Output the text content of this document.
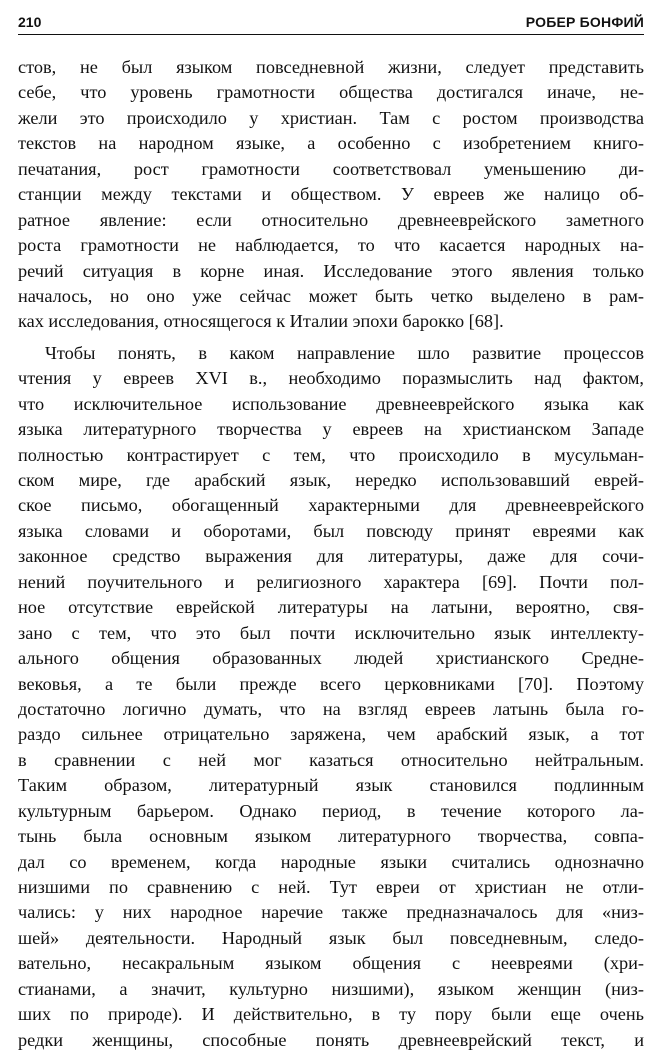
210	РОБЕР БОНФИЙ
стов, не был языком повседневной жизни, следует представить
себе, что уровень грамотности общества достигался иначе, не-
жели это происходило у христиан. Там с ростом производства
текстов на народном языке, а особенно с изобретением книго-
печатания, рост грамотности соответствовал уменьшению ди-
станции между текстами и обществом. У евреев же налицо об-
ратное явление: если относительно древнееврейского заметного
роста грамотности не наблюдается, то что касается народных на-
речий ситуация в корне иная. Исследование этого явления только
началось, но оно уже сейчас может быть четко выделено в рам-
ках исследования, относящегося к Италии эпохи барокко [68].
Чтобы понять, в каком направление шло развитие процессов
чтения у евреев XVI в., необходимо поразмыслить над фактом,
что исключительное использование древнееврейского языка как
языка литературного творчества у евреев на христианском Западе
полностью контрастирует с тем, что происходило в мусульман-
ском мире, где арабский язык, нередко использовавший еврей-
ское письмо, обогащенный характерными для древнееврейского
языка словами и оборотами, был повсюду принят евреями как
законное средство выражения для литературы, даже для сочи-
нений поучительного и религиозного характера [69]. Почти пол-
ное отсутствие еврейской литературы на латыни, вероятно, свя-
зано с тем, что это был почти исключительно язык интеллекту-
ального общения образованных людей христианского Средне-
вековья, а те были прежде всего церковниками [70]. Поэтому
достаточно логично думать, что на взгляд евреев латынь была го-
раздо сильнее отрицательно заряжена, чем арабский язык, а тот
в сравнении с ней мог казаться относительно нейтральным.
Таким образом, литературный язык становился подлинным
культурным барьером. Однако период, в течение которого ла-
тынь была основным языком литературного творчества, совпа-
дал со временем, когда народные языки считались однозначно
низшими по сравнению с ней. Тут евреи от христиан не отли-
чались: у них народное наречие также предназначалось для «низ-
шей» деятельности. Народный язык был повседневным, следо-
вательно, несакральным языком общения с неевреями (хри-
стианами, а значит, культурно низшими), языком женщин (низ-
ших по природе). И действительно, в ту пору были еще очень
редки женщины, способные понять древнееврейский текст, и
